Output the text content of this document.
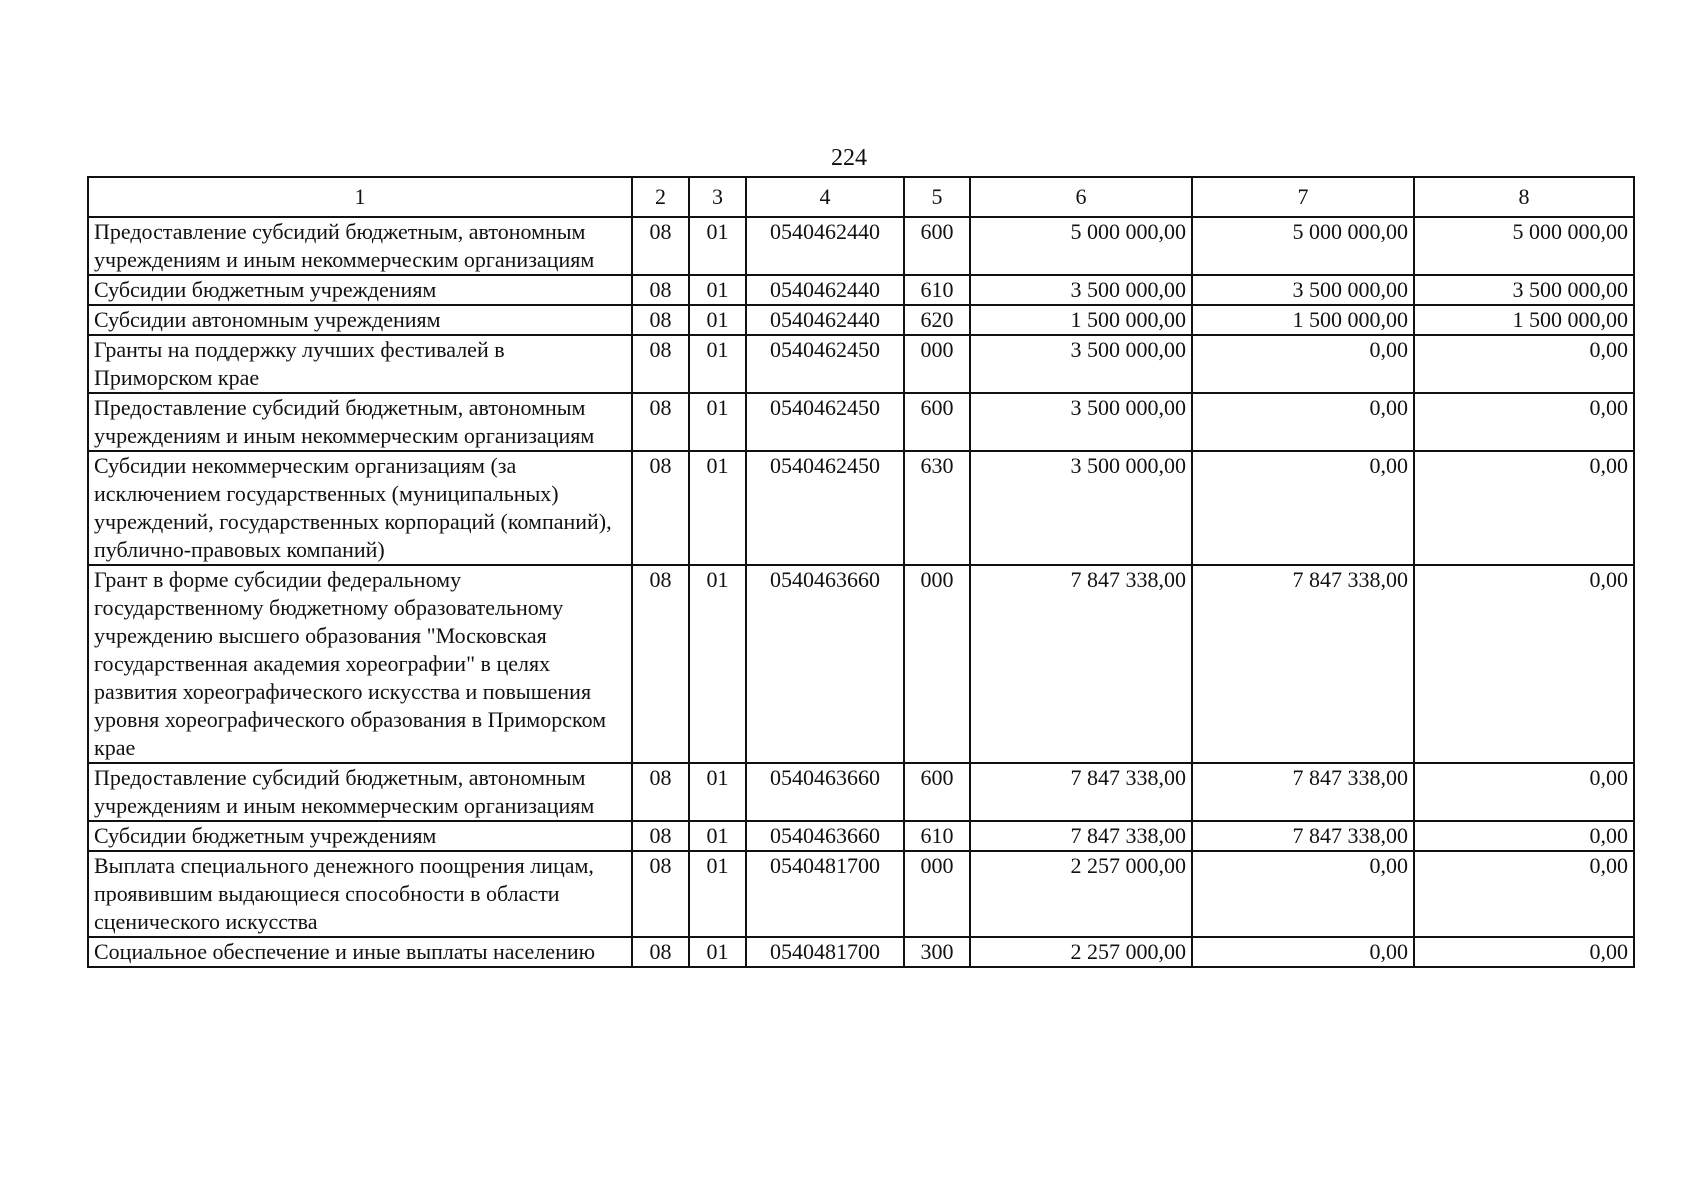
224
1	2	3	4	5	6	7	8
Предоставление субсидий бюджетным, автономным учреждениям и иным некоммерческим организациям	08	01	0540462440	600	5 000 000,00	5 000 000,00	5 000 000,00
Субсидии бюджетным учреждениям	08	01	0540462440	610	3 500 000,00	3 500 000,00	3 500 000,00
Субсидии автономным учреждениям	08	01	0540462440	620	1 500 000,00	1 500 000,00	1 500 000,00
Гранты на поддержку лучших фестивалей в Приморском крае	08	01	0540462450	000	3 500 000,00	0,00	0,00
Предоставление субсидий бюджетным, автономным учреждениям и иным некоммерческим организациям	08	01	0540462450	600	3 500 000,00	0,00	0,00
Субсидии некоммерческим организациям (за исключением государственных (муниципальных) учреждений, государственных корпораций (компаний), публично-правовых компаний)	08	01	0540462450	630	3 500 000,00	0,00	0,00
Грант в форме субсидии федеральному государственному бюджетному образовательному учреждению высшего образования "Московская государственная академия хореографии" в целях развития хореографического искусства и повышения уровня хореографического образования в Приморском крае	08	01	0540463660	000	7 847 338,00	7 847 338,00	0,00
Предоставление субсидий бюджетным, автономным учреждениям и иным некоммерческим организациям	08	01	0540463660	600	7 847 338,00	7 847 338,00	0,00
Субсидии бюджетным учреждениям	08	01	0540463660	610	7 847 338,00	7 847 338,00	0,00
Выплата специального денежного поощрения лицам, проявившим выдающиеся способности в области сценического искусства	08	01	0540481700	000	2 257 000,00	0,00	0,00
Социальное обеспечение и иные выплаты населению	08	01	0540481700	300	2 257 000,00	0,00	0,00
